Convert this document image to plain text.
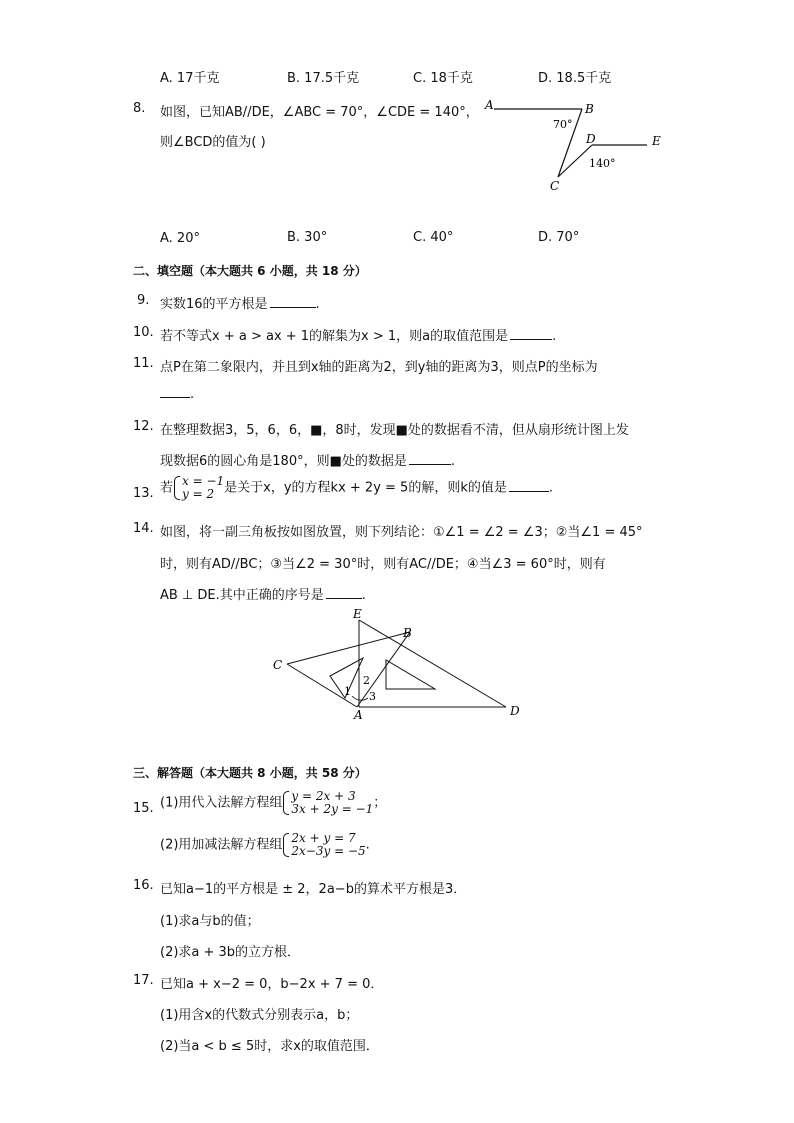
A. 17千克	B. 17.5千克	C. 18千克	D. 18.5千克
8. 如图，已知AB//DE，∠ABC = 70°，∠CDE = 140°，
则∠BCD的值为( )
A	B
C
D	E
70°
140°
A. 20°	B. 30°	C. 40°	D. 70°
二、填空题（本大题共 6 小题，共 18 分）
9. 实数16的平方根是	.
10. 若不等式x + a > ax + 1的解集为x > 1，则a的取值范围是	.
11. 点P在第二象限内，并且到x轴的距离为2，到y轴的距离为3，则点P的坐标为
.
12. 在整理数据3，5，6，6，■，8时，发现■处的数据看不清，但从扇形统计图上发
现数据6的圆心角是180°，则■处的数据是	.
13. 若 x = −1
y = 2 是关于x，y的方程kx + 2y = 5的解，则k的值是	.
14. 如图，将一副三角板按如图放置，则下列结论：①∠1 = ∠2 = ∠3；②当∠1 = 45°
时，则有AD//BC；③当∠2 = 30°时，则有AC//DE；④当∠3 = 60°时，则有
AB ⊥ DE.其中正确的序号是	.
E
B
C
A	D
1
2
3
三、解答题（本大题共 8 小题，共 58 分）
15. (1)用代入法解方程组 y = 2x + 3
3x + 2y = −1；
(2)用加减法解方程组 2x + y = 7
2x−3y = −5.
16. 已知a−1的平方根是 ± 2，2a−b的算术平方根是3．
(1)求a与b的值；
(2)求a + 3b的立方根．
17. 已知a + x−2 = 0，b−2x + 7 = 0．
(1)用含x的代数式分别表示a，b；
(2)当a < b ≤ 5时，求x的取值范围．
